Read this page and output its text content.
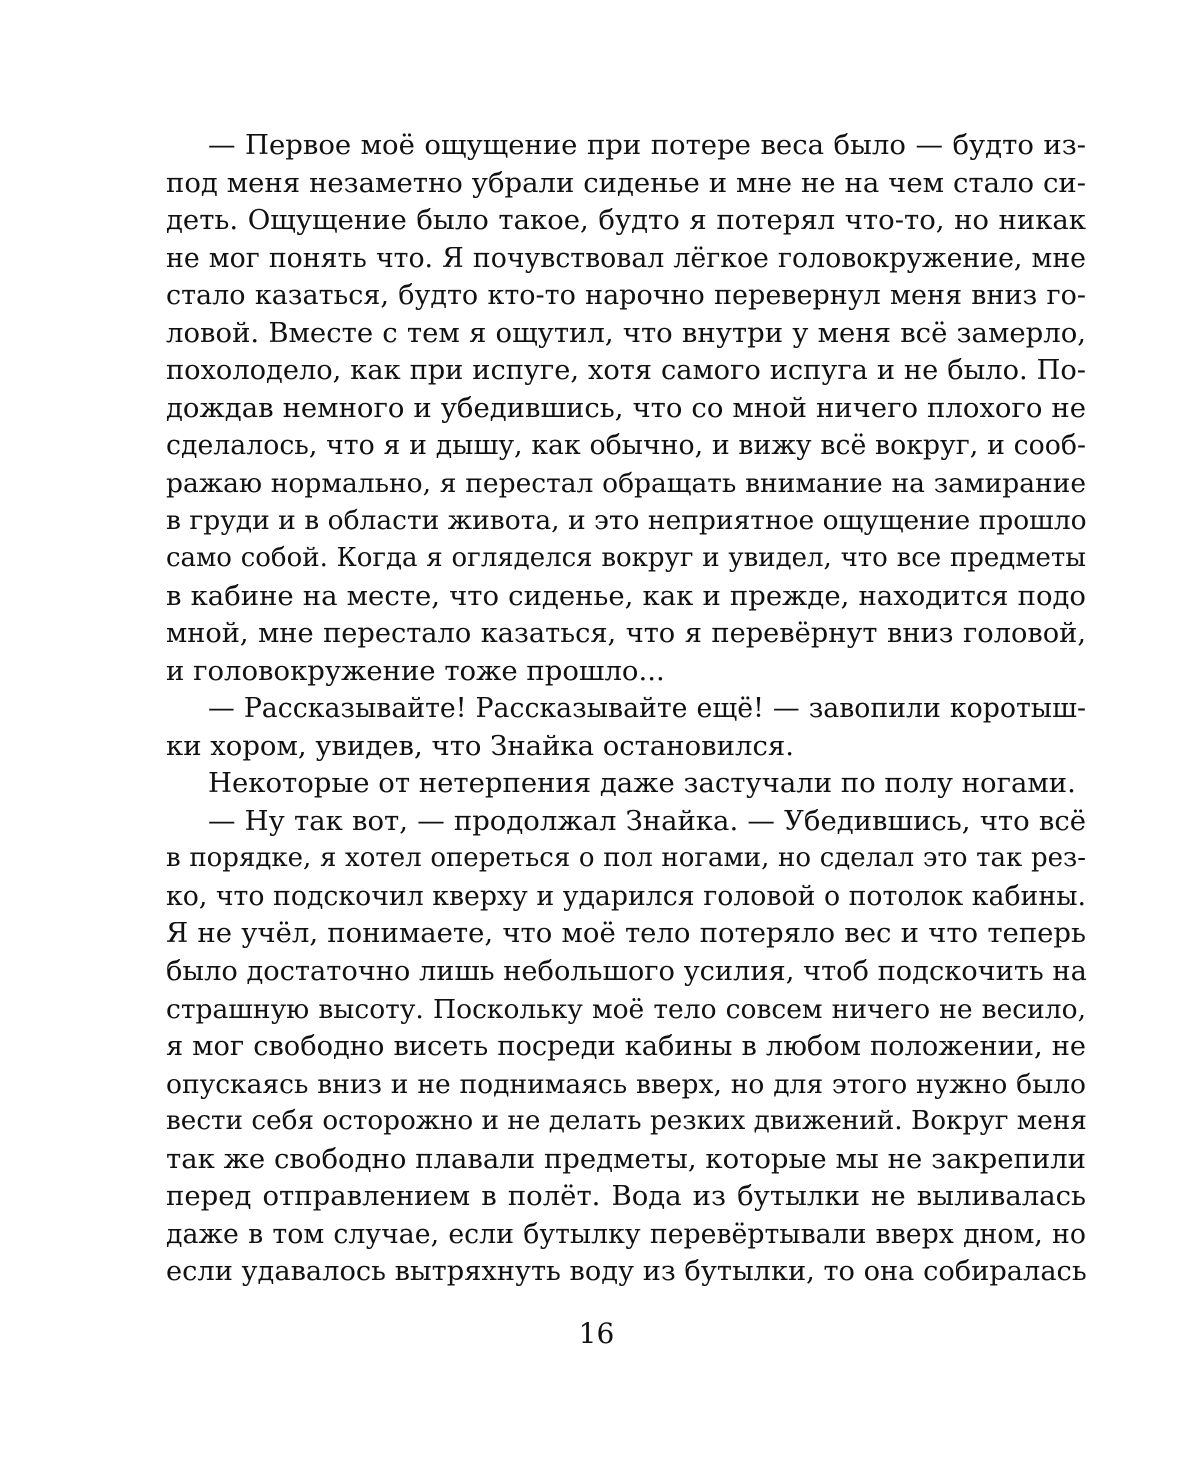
— Первое моё ощущение при потере веса было — будто из-
под меня незаметно убрали сиденье и мне не на чем стало си-
деть. Ощущение было такое, будто я потерял что-то, но никак
не мог понять что. Я почувствовал лёгкое головокружение, мне
стало казаться, будто кто-то нарочно перевернул меня вниз го-
ловой. Вместе с тем я ощутил, что внутри у меня всё замерло,
похолодело, как при испуге, хотя самого испуга и не было. По-
дождав немного и убедившись, что со мной ничего плохого не
сделалось, что я и дышу, как обычно, и вижу всё вокруг, и сооб-
ражаю нормально, я перестал обращать внимание на замирание
в груди и в области живота, и это неприятное ощущение прошло
само собой. Когда я огляделся вокруг и увидел, что все предметы
в кабине на месте, что сиденье, как и прежде, находится подо
мной, мне перестало казаться, что я перевёрнут вниз головой,
и головокружение тоже прошло...
— Рассказывайте! Рассказывайте ещё! — завопили коротыш-
ки хором, увидев, что Знайка остановился.
Некоторые от нетерпения даже застучали по полу ногами.
— Ну так вот, — продолжал Знайка. — Убедившись, что всё
в порядке, я хотел опереться о пол ногами, но сделал это так рез-
ко, что подскочил кверху и ударился головой о потолок кабины.
Я не учёл, понимаете, что моё тело потеряло вес и что теперь
было достаточно лишь небольшого усилия, чтоб подскочить на
страшную высоту. Поскольку моё тело совсем ничего не весило,
я мог свободно висеть посреди кабины в любом положении, не
опускаясь вниз и не поднимаясь вверх, но для этого нужно было
вести себя осторожно и не делать резких движений. Вокруг меня
так же свободно плавали предметы, которые мы не закрепили
перед отправлением в полёт. Вода из бутылки не выливалась
даже в том случае, если бутылку перевёртывали вверх дном, но
если удавалось вытряхнуть воду из бутылки, то она собиралась
16
